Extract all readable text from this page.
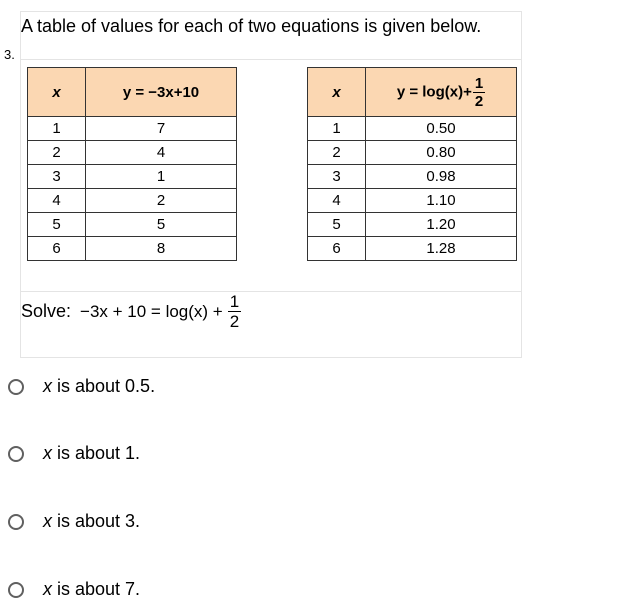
3.
A table of values for each of two equations is given below.
x	y = −3x+10
1	7
2	4
3	1
4	2
5	5
6	8
x	$y = \log(x)+ \frac{1}{2}$

1	0.50
2	0.80
3	0.98
4	1.10
5	1.20
6	1.28
Solve: $-3x + 10 = \log(x) + \frac{1}{2}$
x is about 0.5.
x is about 1.
x is about 3.
x is about 7.
